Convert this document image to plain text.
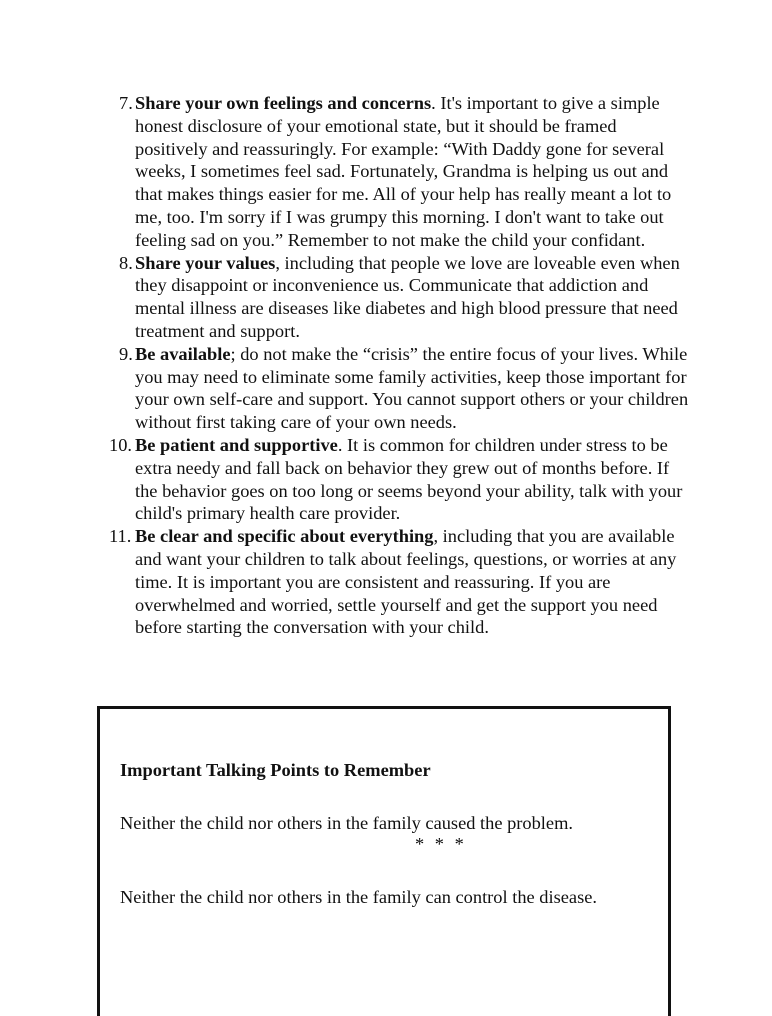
7. Share your own feelings and concerns. It's important to give a simple honest disclosure of your emotional state, but it should be framed positively and reassuringly. For example: “With Daddy gone for several weeks, I sometimes feel sad. Fortunately, Grandma is helping us out and that makes things easier for me. All of your help has really meant a lot to me, too. I'm sorry if I was grumpy this morning. I don't want to take out feeling sad on you.” Remember to not make the child your confidant.
8. Share your values, including that people we love are loveable even when they disappoint or inconvenience us. Communicate that addiction and mental illness are diseases like diabetes and high blood pressure that need treatment and support.
9. Be available; do not make the “crisis” the entire focus of your lives. While you may need to eliminate some family activities, keep those important for your own self-care and support. You cannot support others or your children without first taking care of your own needs.
10. Be patient and supportive. It is common for children under stress to be extra needy and fall back on behavior they grew out of months before. If the behavior goes on too long or seems beyond your ability, talk with your child's primary health care provider.
11. Be clear and specific about everything, including that you are available and want your children to talk about feelings, questions, or worries at any time. It is important you are consistent and reassuring. If you are overwhelmed and worried, settle yourself and get the support you need before starting the conversation with your child.

Important Talking Points to Remember

Neither the child nor others in the family caused the problem.

* * *

Neither the child nor others in the family can control the disease.
